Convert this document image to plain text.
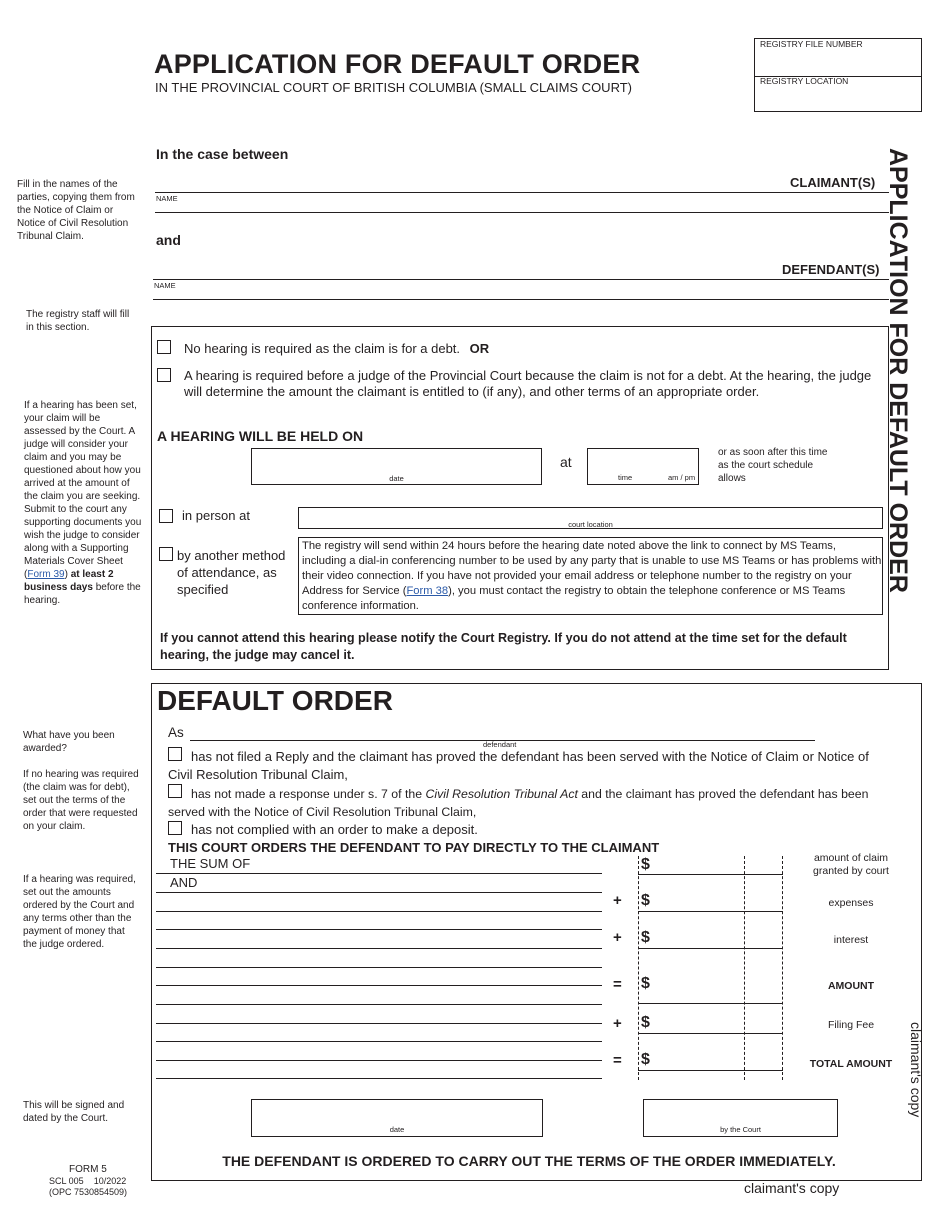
APPLICATION FOR DEFAULT ORDER
IN THE PROVINCIAL COURT OF BRITISH COLUMBIA (SMALL CLAIMS COURT)
REGISTRY FILE NUMBER
REGISTRY LOCATION
APPLICATION FOR DEFAULT ORDER
claimant's copy
Fill in the names of the parties, copying them from the Notice of Claim or Notice of Civil Resolution Tribunal Claim.
The registry staff will fill in this section.
If a hearing has been set, your claim will be assessed by the Court. A judge will consider your claim and you may be questioned about how you arrived at the amount of the claim you are seeking. Submit to the court any supporting documents you wish the judge to consider along with a Supporting Materials Cover Sheet (Form 39) at least 2 business days before the hearing.
What have you been awarded?
If no hearing was required (the claim was for debt), set out the terms of the order that were requested on your claim.
If a hearing was required, set out the amounts ordered by the Court and any terms other than the payment of money that the judge ordered.
This will be signed and dated by the Court.
In the case between
CLAIMANT(S)
NAME
and
DEFENDANT(S)
NAME
No hearing is required as the claim is for a debt. OR
A hearing is required before a judge of the Provincial Court because the claim is not for a debt. At the hearing, the judge will determine the amount the claimant is entitled to (if any), and other terms of an appropriate order.
A HEARING WILL BE HELD ON
date
at
time	am / pm
or as soon after this time as the court schedule allows
in person at
court location
by another method of attendance, as specified
The registry will send within 24 hours before the hearing date noted above the link to connect by MS Teams, including a dial-in conferencing number to be used by any party that is unable to use MS Teams or has problems with their video connection. If you have not provided your email address or telephone number to the registry on your Address for Service (Form 38), you must contact the registry to obtain the telephone conference or MS Teams conference information.
If you cannot attend this hearing please notify the Court Registry. If you do not attend at the time set for the default hearing, the judge may cancel it.
DEFAULT ORDER
As
defendant
has not filed a Reply and the claimant has proved the defendant has been served with the Notice of Claim or Notice of Civil Resolution Tribunal Claim,
has not made a response under s. 7 of the Civil Resolution Tribunal Act and the claimant has proved the defendant has been served with the Notice of Civil Resolution Tribunal Claim,
has not complied with an order to make a deposit.
THIS COURT ORDERS THE DEFENDANT TO PAY DIRECTLY TO THE CLAIMANT
THE SUM OF
AND
$	amount of claim granted by court
+ $	expenses
+ $	interest
= $	AMOUNT
+ $	Filing Fee
= $	TOTAL AMOUNT
date	by the Court
THE DEFENDANT IS ORDERED TO CARRY OUT THE TERMS OF THE ORDER IMMEDIATELY.
FORM 5
SCL 005    10/2022
(OPC 7530854509)	claimant's copy
